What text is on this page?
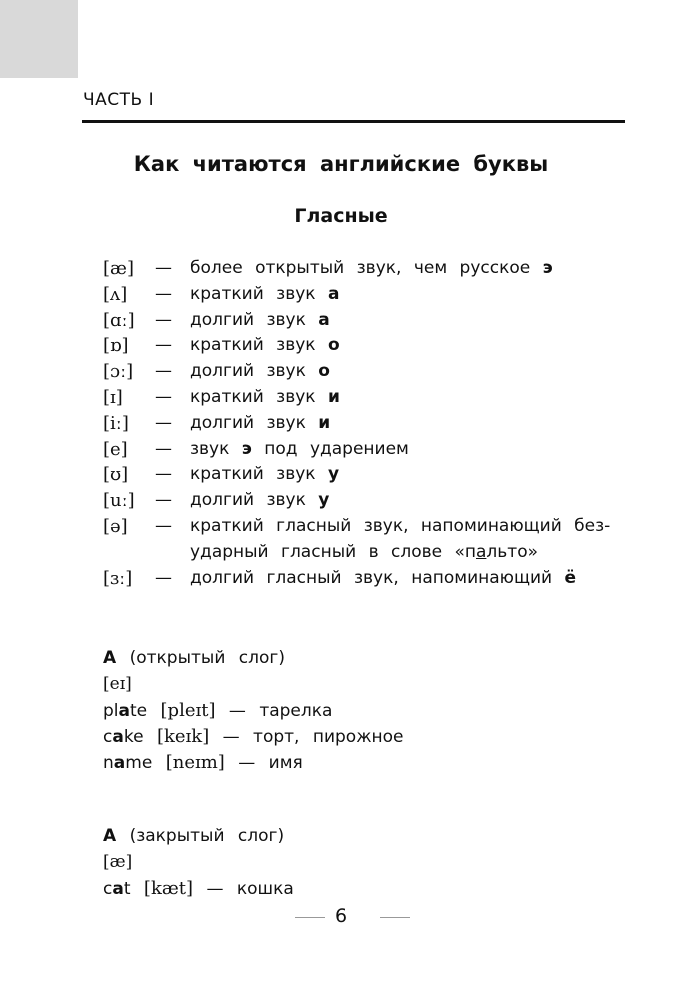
ЧАСТЬ I
Как читаются английские буквы
Гласные
[æ] — более открытый звук, чем русское э
[ʌ] — краткий звук а
[ɑː] — долгий звук а
[ɒ] — краткий звук о
[ɔː] — долгий звук о
[ɪ] — краткий звук и
[iː] — долгий звук и
[e] — звук э под ударением
[ʊ] — краткий звук у
[uː] — долгий звук у
[ə] — краткий гласный звук, напоминающий без-
ударный гласный в слове «пальто»
[ɜː] — долгий гласный звук, напоминающий ё
A (открытый слог)
[eɪ]
plate [pleɪt] — тарелка
cake [keɪk] — торт, пирожное
name [neɪm] — имя
A (закрытый слог)
[æ]
cat [kæt] — кошка
6
